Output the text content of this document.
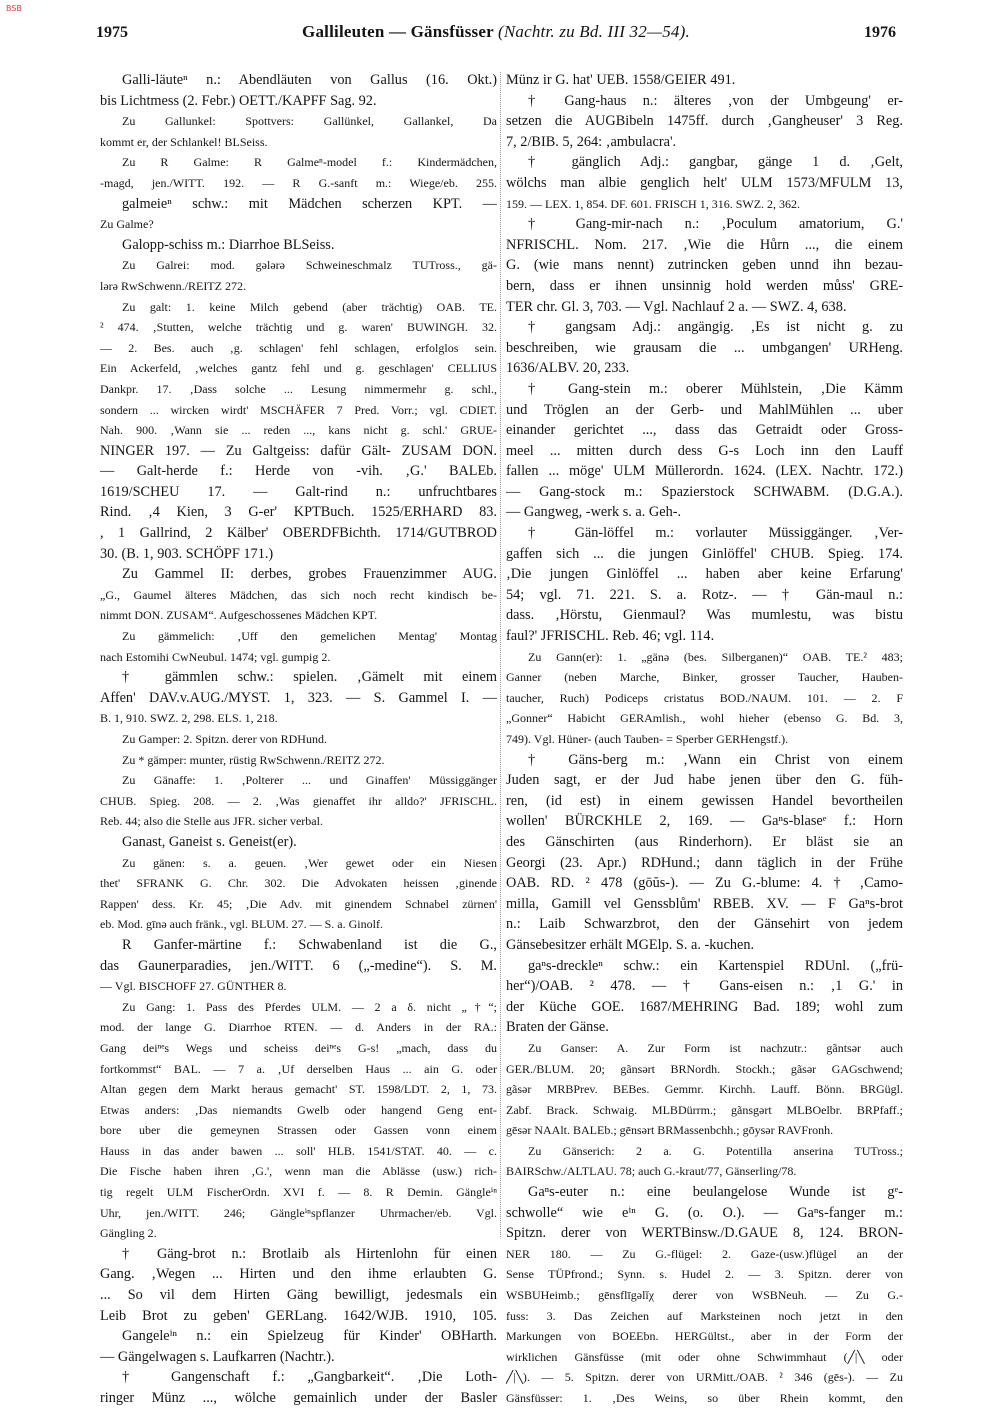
BSB
1975	Gallileuten — Gänsfüsser (Nachtr. zu Bd. III 32—54).	1976
Galli-läuteⁿ n.: Abendläuten von Gallus (16. Okt.)
bis Lichtmess (2. Febr.) OETT./KAPFF Sag. 92.
Zu Gallunkel: Spottvers: Gallünkel, Gallankel, Da
kommt er, der Schlankel! BLSeiss.
Zu R Galme: R Galmeⁿ-model f.: Kindermädchen,
-magd, jen./WITT. 192. — R G.-sanft m.: Wiege/eb. 255.
galmeieⁿ schw.: mit Mädchen scherzen KPT. —
Zu Galme?
Galopp-schiss m.: Diarrhoe BLSeiss.
Zu Galrei: mod. gǝlǝrǝ Schweineschmalz TUTross., gä-
lǝrǝ RwSchwenn./REITZ 272.
Zu galt: 1. keine Milch gebend (aber trächtig) OAB. TE.
² 474. ‚Stutten, welche trächtig und g. waren' BUWINGH. 32.
— 2. Bes. auch ‚g. schlagen' fehl schlagen, erfolglos sein.
Ein Ackerfeld, ‚welches gantz fehl und g. geschlagen' CELLIUS
Dankpr. 17. ‚Dass solche ... Lesung nimmermehr g. schl.,
sondern ... wircken wirdt' MSCHÄFER 7 Pred. Vorr.; vgl. CDIET.
Nah. 900. ‚Wann sie ... reden ..., kans nicht g. schl.' GRUE-
NINGER 197. — Zu Galtgeiss: dafür Gält- ZUSAM DON.
— Galt-herde f.: Herde von -vih. ‚G.' BALEb.
1619/SCHEU 17. — Galt-rind n.: unfruchtbares
Rind. ‚4 Kien, 3 G-er' KPTBuch. 1525/ERHARD 83.
, 1 Gallrind, 2 Kälber' OBERDFBichth. 1714/GUTBROD
30. (B. 1, 903. SCHÖPF 171.)
Zu Gammel II: derbes, grobes Frauenzimmer AUG.
„G., Gaumel älteres Mädchen, das sich noch recht kindisch be-
nimmt DON. ZUSAM“. Aufgeschossenes Mädchen KPT.
Zu gämmelich: ‚Uff den gemelichen Mentag' Montag
nach Estomihi CwNeubul. 1474; vgl. gumpig 2.
† gämmlen schw.: spielen. ‚Gämelt mit einem
Affen' DAV.v.AUG./MYST. 1, 323. — S. Gammel I. —
B. 1, 910. SWZ. 2, 298. ELS. 1, 218.
Zu Gamper: 2. Spitzn. derer von RDHund.
Zu * gämper: munter, rüstig RwSchwenn./REITZ 272.
Zu Gänaffe: 1. ‚Polterer ... und Ginaffen' Müssiggänger
CHUB. Spieg. 208. — 2. ‚Was gienaffet ihr alldo?' JFRISCHL.
Reb. 44; also die Stelle aus JFR. sicher verbal.
Ganast, Ganeist s. Geneist(er).
Zu gänen: s. a. geuen. ‚Wer gewet oder ein Niesen
thet' SFRANK G. Chr. 302. Die Advokaten heissen ‚ginende
Rappen' dess. Kr. 45; ‚Die Adv. mit ginendem Schnabel zürnen'
eb. Mod. gīnǝ auch fränk., vgl. BLUM. 27. — S. a. Ginolf.
R Ganfer-märtine f.: Schwabenland ist die G.,
das Gaunerparadies, jen./WITT. 6 („-medine“). S. M.
— Vgl. BISCHOFF 27. GÜNTHER 8.
Zu Gang: 1. Pass des Pferdes ULM. — 2 a δ. nicht „†“;
mod. der lange G. Diarrhoe RTEN. — d. Anders in der RA.:
Gang deiⁿᵉs Wegs und scheiss deiⁿᵉs G-s! „mach, dass du
fortkommst“ BAL. — 7 a. ‚Uf derselben Haus ... ain G. oder
Altan gegen dem Markt heraus gemacht' ST. 1598/LDT. 2, 1, 73.
Etwas anders: ‚Das niemandts Gwelb oder hangend Geng ent-
bore uber die gemeynen Strassen oder Gassen vonn einem
Hauss in das ander bawen ... soll' HLB. 1541/STAT. 40. — c.
Die Fische haben ihren ‚G.', wenn man die Ablässe (usw.) rich-
tig regelt ULM FischerOrdn. XVI f. — 8. R Demin. Gängleⁱⁿ
Uhr, jen./WITT. 246; Gängleⁱⁿspflanzer Uhrmacher/eb. Vgl.
Gängling 2.
† Gäng-brot n.: Brotlaib als Hirtenlohn für einen
Gang. ‚Wegen ... Hirten und den ihme erlaubten G.
... So vil dem Hirten Gäng bewilligt, jedesmals ein
Leib Brot zu geben' GERLang. 1642/WJB. 1910, 105.
Gangeleⁱⁿ n.: ein Spielzeug für Kinder' OBHarth.
— Gängelwagen s. Laufkarren (Nachtr.).
† Gangenschaft f.: „Gangbarkeit“. ‚Die Loth-
ringer Münz ..., wölche gemainlich under der Basler
Münz ir G. hat' UEB. 1558/GEIER 491.
† Gang-haus n.: älteres ‚von der Umbgeung' er-
setzen die AUGBibeln 1475ff. durch ‚Gangheuser' 3 Reg.
7, 2/BIB. 5, 264: ‚ambulacra'.
† gänglich Adj.: gangbar, gänge 1 d. ‚Gelt,
wölchs man albie genglich helt' ULM 1573/MFULM 13,
159. — LEX. 1, 854. DF. 601. FRISCH 1, 316. SWZ. 2, 362.
† Gang-mir-nach n.: ‚Poculum amatorium, G.'
NFRISCHL. Nom. 217. ‚Wie die Hůrn ..., die einem
G. (wie mans nennt) zutrincken geben unnd ihn bezau-
bern, dass er ihnen unsinnig hold werden můss' GRE-
TER chr. Gl. 3, 703. — Vgl. Nachlauf 2 a. — SWZ. 4, 638.
† gangsam Adj.: angängig. ‚Es ist nicht g. zu
beschreiben, wie grausam die ... umbgangen' URHeng.
1636/ALBV. 20, 233.
† Gang-stein m.: oberer Mühlstein, ‚Die Kämm
und Tröglen an der Gerb- und MahlMühlen ... uber
einander gerichtet ..., dass das Getraidt oder Gross-
meel ... mitten durch dess G-s Loch inn den Lauff
fallen ... möge' ULM Müllerordn. 1624. (LEX. Nachtr. 172.)
— Gang-stock m.: Spazierstock SCHWABM. (D.G.A.).
— Gangweg, -werk s. a. Geh-.
† Gän-löffel m.: vorlauter Müssiggänger. ‚Ver-
gaffen sich ... die jungen Ginlöffel' CHUB. Spieg. 174.
‚Die jungen Ginlöffel ... haben aber keine Erfarung'
54; vgl. 71. 221. S. a. Rotz-. — † Gän-maul n.:
dass. ‚Hörstu, Gienmaul? Was mumlestu, was bistu
faul?' JFRISCHL. Reb. 46; vgl. 114.
Zu Gann(er): 1. „gänǝ (bes. Silberganen)“ OAB. TE.² 483;
Ganner (neben Marche, Binker, grosser Taucher, Hauben-
taucher, Ruch) Podiceps cristatus BOD./NAUM. 101. — 2. F
„Gonner“ Habicht GERAmlish., wohl hieher (ebenso G. Bd. 3,
749). Vgl. Hüner- (auch Tauben- = Sperber GERHengstf.).
† Gäns-berg m.: ‚Wann ein Christ von einem
Juden sagt, er der Jud habe jenen über den G. füh-
ren, (id est) in einem gewissen Handel bevortheilen
wollen' BÜRCKHLE 2, 169. — Gaⁿs-blaseᵉ f.: Horn
des Gänschirten (aus Rinderhorn). Er bläst sie an
Georgi (23. Apr.) RDHund.; dann täglich in der Frühe
OAB. RD. ² 478 (gōŭs-). — Zu G.-blume: 4. † ‚Camo-
milla, Gamill vel Genssblům' RBEB. XV. — F Gaⁿs-brot
n.: Laib Schwarzbrot, den der Gänsehirt von jedem
Gänsebesitzer erhält MGElp. S. a. -kuchen.
gaⁿs-dreckleⁿ schw.: ein Kartenspiel RDUnl. („frü-
her“)/OAB. ² 478. — † Gans-eisen n.: ‚1 G.' in
der Küche GOE. 1687/MEHRING Bad. 189; wohl zum
Braten der Gänse.
Zu Ganser: A. Zur Form ist nachzutr.: gãntsǝr auch
GER./BLUM. 20; gãnsǝrt BRNordh. Stockh.; gãsǝr GAGschwend;
gãsǝr MRBPrev. BEBes. Gemmr. Kirchh. Lauff. Bönn. BRGügl.
Zabf. Brack. Schwaig. MLBDürrm.; gãnsgǝrt MLBOelbr. BRPfaff.;
gēsǝr NAAlt. BALEb.; gēnsǝrt BRMassenbchh.; gōysǝr RAVFronh.
Zu Gänserich: 2 a. G. Potentilla anserina TUTross.;
BAIRSchw./ALTLAU. 78; auch G.-kraut/77, Gänserling/78.
Gaⁿs-euter n.: eine beulangelose Wunde ist gᵉ-
schwolle“ wie eⁱⁿ G. (o. O.). — Gaⁿs-fanger m.:
Spitzn. derer von WERTBinsw./D.GAUE 8, 124. BRON-
NER 180. — Zu G.-flügel: 2. Gaze-(usw.)flügel an der
Sense TÜPfrond.; Synn. s. Hudel 2. — 3. Spitzn. derer von
WSBUHeimb.; gēnsflīgǝlĭχ derer von WSBNeuh. — Zu G.-
fuss: 3. Das Zeichen auf Marksteinen noch jetzt in den
Markungen von BOEEbn. HERGültst., aber in der Form der
wirklichen Gänsfüsse (mit oder ohne Schwimmhaut (╱|╲ oder
╱|╲). — 5. Spitzn. derer von URMitt./OAB. ² 346 (gēs-). — Zu
Gänsfüsser: 1. ‚Des Weins, so über Rhein kommt, den
